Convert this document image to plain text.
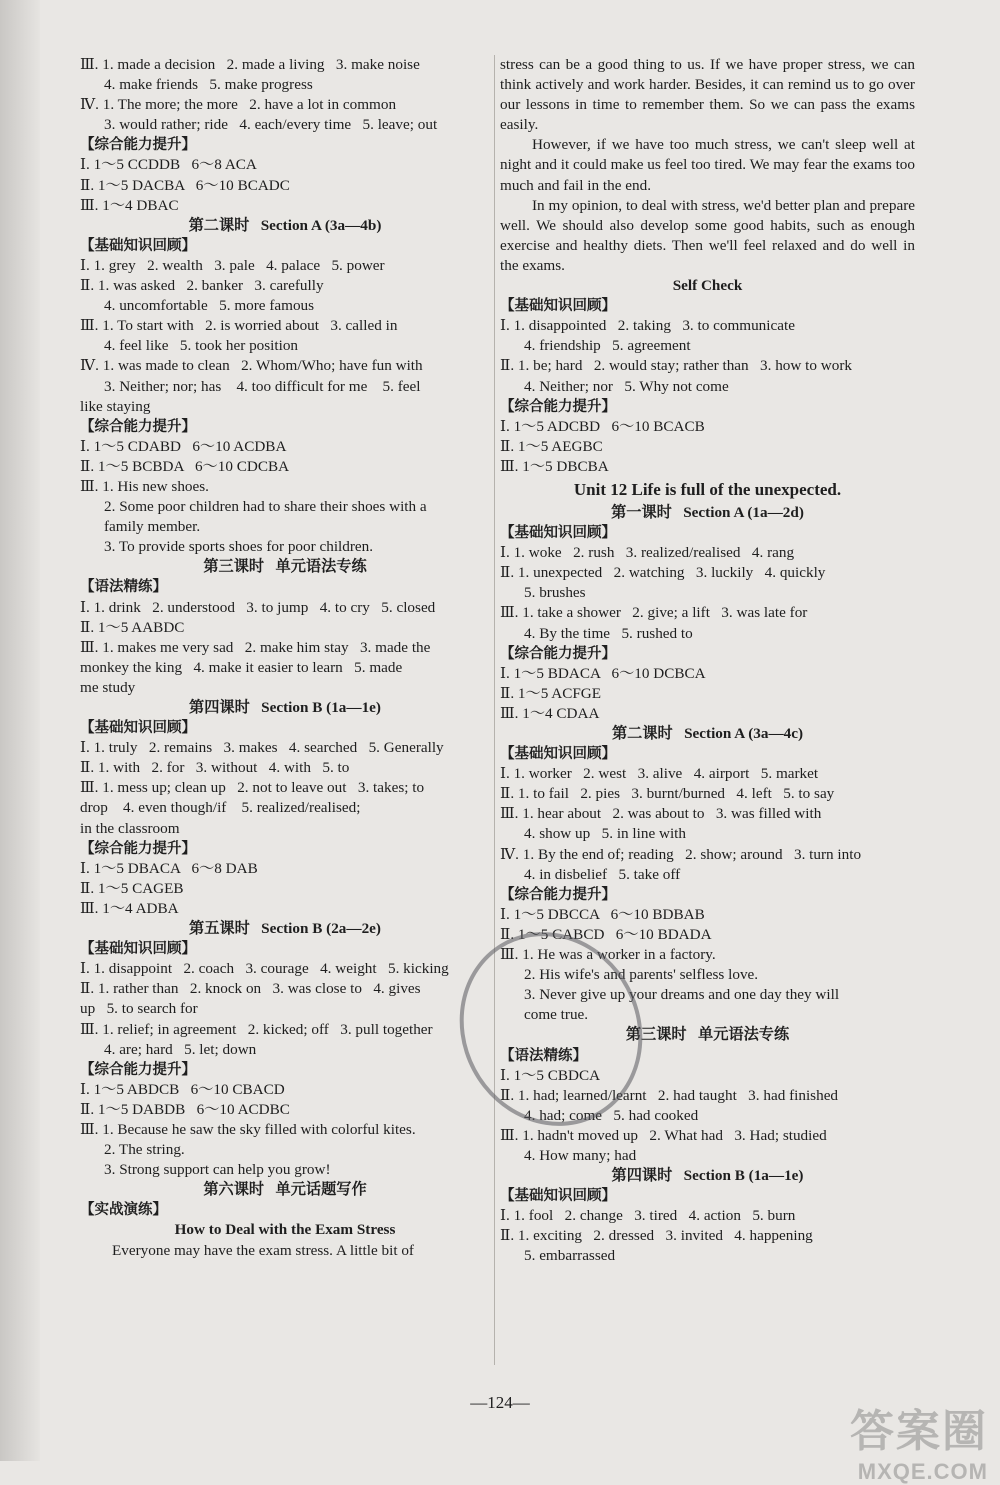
Ⅲ. 1. made a decision   2. made a living   3. make noise
4. make friends   5. make progress
Ⅳ. 1. The more; the more   2. have a lot in common
3. would rather; ride   4. each/every time   5. leave; out
【综合能力提升】
Ⅰ. 1～5 CCDDB   6～8 ACA
Ⅱ. 1～5 DACBA   6～10 BCADC
Ⅲ. 1～4 DBAC
第二课时   Section A (3a—4b)
【基础知识回顾】
Ⅰ. 1. grey   2. wealth   3. pale   4. palace   5. power
Ⅱ. 1. was asked   2. banker   3. carefully
4. uncomfortable   5. more famous
Ⅲ. 1. To start with   2. is worried about   3. called in
4. feel like   5. took her position
Ⅳ. 1. was made to clean   2. Whom/Who; have fun with
3. Neither; nor; has    4. too difficult for me    5. feel
like staying
【综合能力提升】
Ⅰ. 1～5 CDABD   6～10 ACDBA
Ⅱ. 1～5 BCBDA   6～10 CDCBA
Ⅲ. 1. His new shoes.
2. Some poor children had to share their shoes with a
family member.
3. To provide sports shoes for poor children.
第三课时   单元语法专练
【语法精练】
Ⅰ. 1. drink   2. understood   3. to jump   4. to cry   5. closed
Ⅱ. 1～5 AABDC
Ⅲ. 1. makes me very sad   2. make him stay   3. made the
monkey the king   4. make it easier to learn   5. made
me study
第四课时   Section B (1a—1e)
【基础知识回顾】
Ⅰ. 1. truly   2. remains   3. makes   4. searched   5. Generally
Ⅱ. 1. with   2. for   3. without   4. with   5. to
Ⅲ. 1. mess up; clean up   2. not to leave out   3. takes; to
drop    4. even though/if    5. realized/realised;
in the classroom
【综合能力提升】
Ⅰ. 1～5 DBACA   6～8 DAB
Ⅱ. 1～5 CAGEB
Ⅲ. 1～4 ADBA
第五课时   Section B (2a—2e)
【基础知识回顾】
Ⅰ. 1. disappoint   2. coach   3. courage   4. weight   5. kicking
Ⅱ. 1. rather than   2. knock on   3. was close to   4. gives
up   5. to search for
Ⅲ. 1. relief; in agreement   2. kicked; off   3. pull together
4. are; hard   5. let; down
【综合能力提升】
Ⅰ. 1～5 ABDCB   6～10 CBACD
Ⅱ. 1～5 DABDB   6～10 ACDBC
Ⅲ. 1. Because he saw the sky filled with colorful kites.
2. The string.
3. Strong support can help you grow!
第六课时   单元话题写作
【实战演练】
How to Deal with the Exam Stress
Everyone may have the exam stress. A little bit of
stress can be a good thing to us. If we have proper stress, we can think actively and work harder. Besides, it can remind us to go over our lessons in time to remember them. So we can pass the exams easily.
However, if we have too much stress, we can't sleep well at night and it could make us feel too tired. We may fear the exams too much and fail in the end.
In my opinion, to deal with stress, we'd better plan and prepare well. We should also develop some good habits, such as enough exercise and healthy diets. Then we'll feel relaxed and do well in the exams.
Self Check
【基础知识回顾】
Ⅰ. 1. disappointed   2. taking   3. to communicate
4. friendship   5. agreement
Ⅱ. 1. be; hard   2. would stay; rather than   3. how to work
4. Neither; nor   5. Why not come
【综合能力提升】
Ⅰ. 1～5 ADCBD   6～10 BCACB
Ⅱ. 1～5 AEGBC
Ⅲ. 1～5 DBCBA
Unit 12 Life is full of the unexpected.
第一课时   Section A (1a—2d)
【基础知识回顾】
Ⅰ. 1. woke   2. rush   3. realized/realised   4. rang
Ⅱ. 1. unexpected   2. watching   3. luckily   4. quickly
5. brushes
Ⅲ. 1. take a shower   2. give; a lift   3. was late for
4. By the time   5. rushed to
【综合能力提升】
Ⅰ. 1～5 BDACA   6～10 DCBCA
Ⅱ. 1～5 ACFGE
Ⅲ. 1～4 CDAA
第二课时   Section A (3a—4c)
【基础知识回顾】
Ⅰ. 1. worker   2. west   3. alive   4. airport   5. market
Ⅱ. 1. to fail   2. pies   3. burnt/burned   4. left   5. to say
Ⅲ. 1. hear about   2. was about to   3. was filled with
4. show up   5. in line with
Ⅳ. 1. By the end of; reading   2. show; around   3. turn into
4. in disbelief   5. take off
【综合能力提升】
Ⅰ. 1～5 DBCCA   6～10 BDBAB
Ⅱ. 1～5 CABCD   6～10 BDADA
Ⅲ. 1. He was a worker in a factory.
2. His wife's and parents' selfless love.
3. Never give up your dreams and one day they will
come true.
第三课时   单元语法专练
【语法精练】
Ⅰ. 1～5 CBDCA
Ⅱ. 1. had; learned/learnt   2. had taught   3. had finished
4. had; come   5. had cooked
Ⅲ. 1. hadn't moved up   2. What had   3. Had; studied
4. How many; had
第四课时   Section B (1a—1e)
【基础知识回顾】
Ⅰ. 1. fool   2. change   3. tired   4. action   5. burn
Ⅱ. 1. exciting   2. dressed   3. invited   4. happening
5. embarrassed
—124—
答案圈
MXQE.COM
